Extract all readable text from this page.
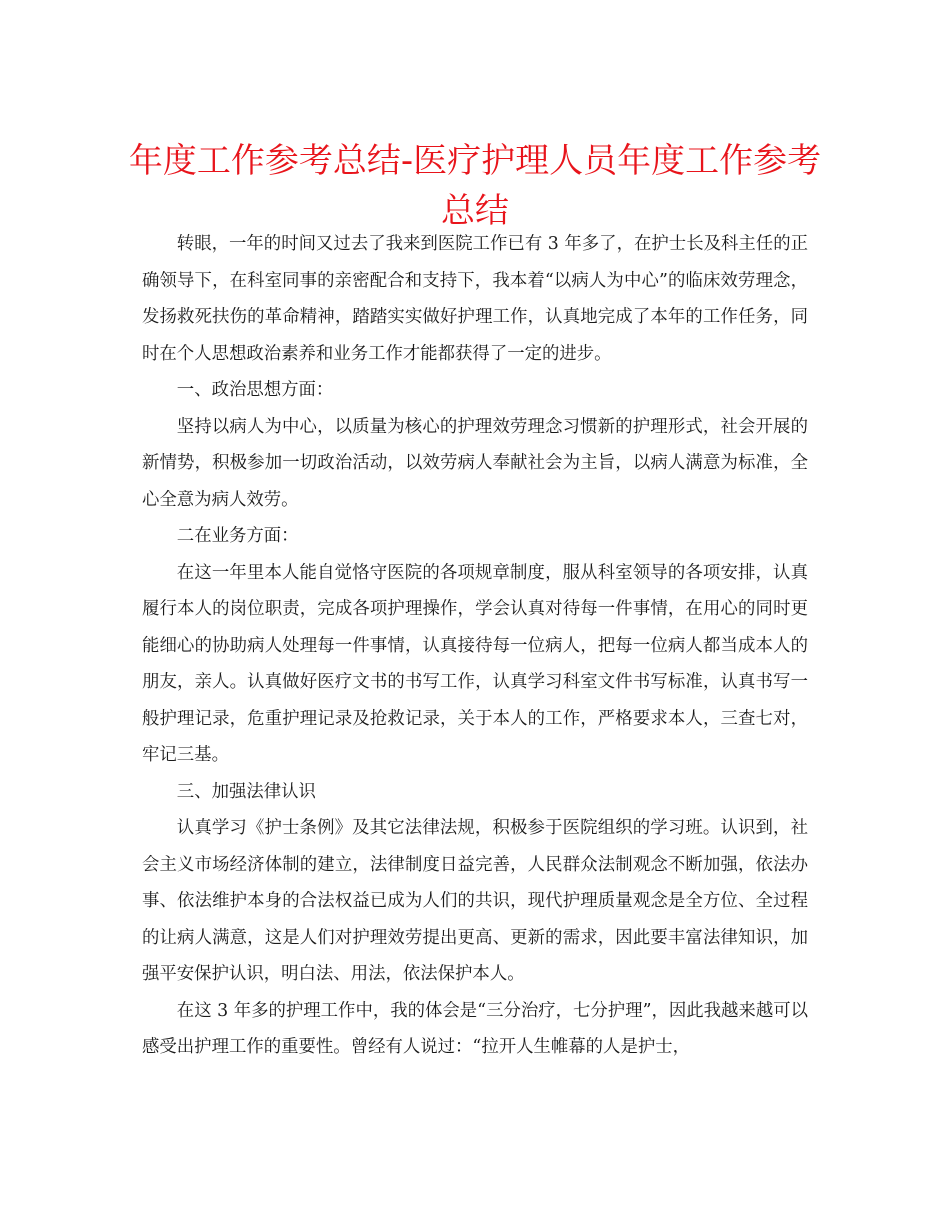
年度工作参考总结-医疗护理人员年度工作参考总结

转眼，一年的时间又过去了我来到医院工作已有 3 年多了，在护士长及科主任的正确领导下，在科室同事的亲密配合和支持下，我本着“以病人为中心”的临床效劳理念，发扬救死扶伤的革命精神，踏踏实实做好护理工作，认真地完成了本年的工作任务，同时在个人思想政治素养和业务工作才能都获得了一定的进步。

一、政治思想方面：

坚持以病人为中心，以质量为核心的护理效劳理念习惯新的护理形式，社会开展的新情势，积极参加一切政治活动，以效劳病人奉献社会为主旨，以病人满意为标准，全心全意为病人效劳。

二在业务方面：

在这一年里本人能自觉恪守医院的各项规章制度，服从科室领导的各项安排，认真履行本人的岗位职责，完成各项护理操作，学会认真对待每一件事情，在用心的同时更能细心的协助病人处理每一件事情，认真接待每一位病人，把每一位病人都当成本人的朋友，亲人。认真做好医疗文书的书写工作，认真学习科室文件书写标准，认真书写一般护理记录，危重护理记录及抢救记录，关于本人的工作，严格要求本人，三查七对，牢记三基。

三、加强法律认识

认真学习《护士条例》及其它法律法规，积极参于医院组织的学习班。认识到，社会主义市场经济体制的建立，法律制度日益完善，人民群众法制观念不断加强，依法办事、依法维护本身的合法权益已成为人们的共识，现代护理质量观念是全方位、全过程的让病人满意，这是人们对护理效劳提出更高、更新的需求，因此要丰富法律知识，加强平安保护认识，明白法、用法，依法保护本人。

在这 3 年多的护理工作中，我的体会是“三分治疗，七分护理”，因此我越来越可以感受出护理工作的重要性。曾经有人说过：“拉开人生帷幕的人是护士，
